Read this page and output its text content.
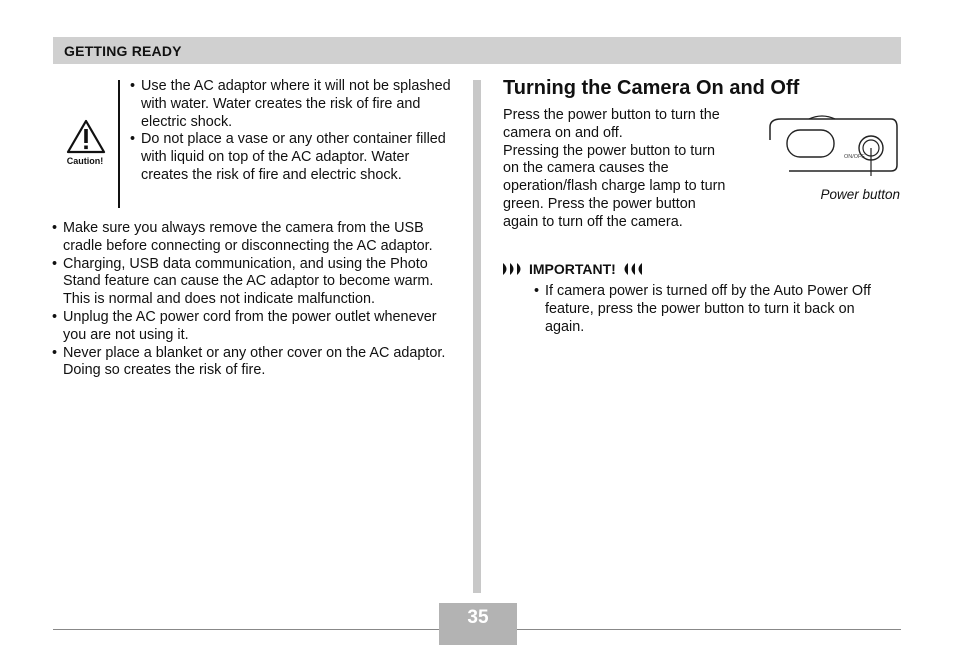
GETTING READY
Caution!
• Use the AC adaptor where it will not be splashed with water. Water creates the risk of fire and electric shock.
• Do not place a vase or any other container filled with liquid on top of the AC adaptor. Water creates the risk of fire and electric shock.
• Make sure you always remove the camera from the USB cradle before connecting or disconnecting the AC adaptor.
• Charging, USB data communication, and using the Photo Stand feature can cause the AC adaptor to become warm. This is normal and does not indicate malfunction.
• Unplug the AC power cord from the power outlet whenever you are not using it.
• Never place a blanket or any other cover on the AC adaptor. Doing so creates the risk of fire.
Turning the Camera On and Off

Press the power button to turn the
camera on and off.
Pressing the power button to turn
on the camera causes the
operation/flash charge lamp to turn
green. Press the power button
again to turn off the camera.

ON/OFF
Power button
IMPORTANT!
• If camera power is turned off by the Auto Power Off feature, press the power button to turn it back on again.
35
